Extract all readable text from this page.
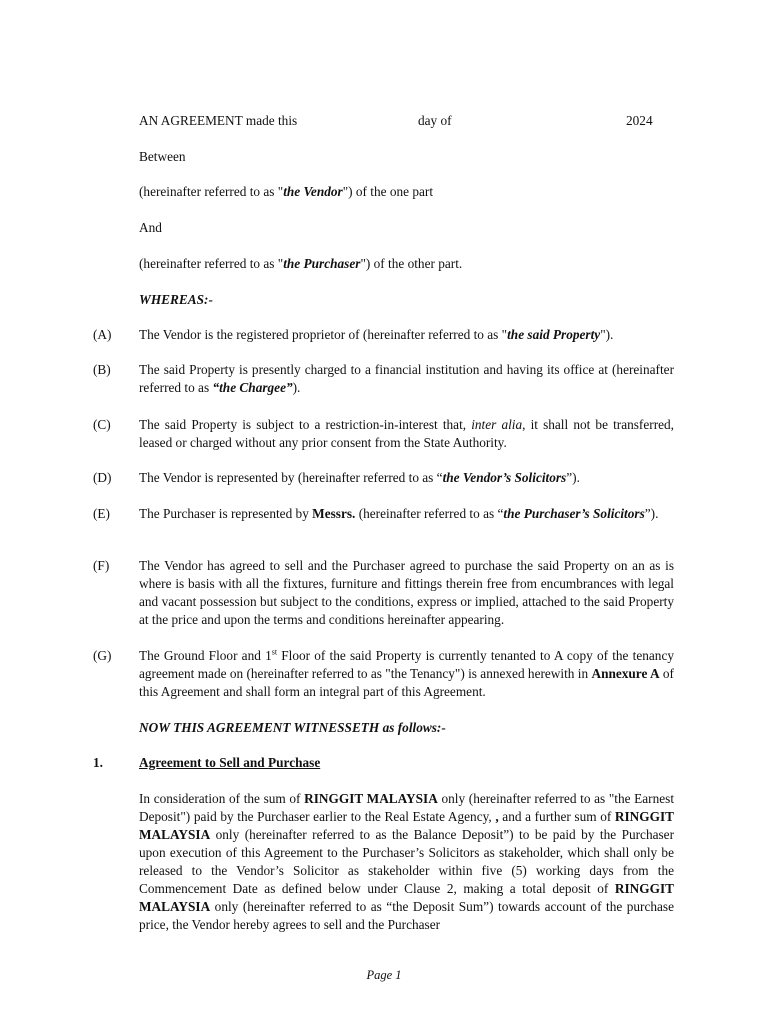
AN AGREEMENT made this	day of	2024
Between
(hereinafter referred to as "the Vendor") of the one part
And
(hereinafter referred to as "the Purchaser") of the other part.
WHEREAS:-
(A) The Vendor is the registered proprietor of (hereinafter referred to as "the said Property").
(B) The said Property is presently charged to a financial institution and having its office at (hereinafter referred to as “the Chargee”).
(C) The said Property is subject to a restriction-in-interest that, inter alia, it shall not be transferred, leased or charged without any prior consent from the State Authority.
(D) The Vendor is represented by (hereinafter referred to as “the Vendor’s Solicitors”).
(E) The Purchaser is represented by Messrs. (hereinafter referred to as “the Purchaser’s Solicitors”).
(F) The Vendor has agreed to sell and the Purchaser agreed to purchase the said Property on an as is where is basis with all the fixtures, furniture and fittings therein free from encumbrances with legal and vacant possession but subject to the conditions, express or implied, attached to the said Property at the price and upon the terms and conditions hereinafter appearing.
(G) The Ground Floor and 1st Floor of the said Property is currently tenanted to A copy of the tenancy agreement made on (hereinafter referred to as "the Tenancy") is annexed herewith in Annexure A of this Agreement and shall form an integral part of this Agreement.
NOW THIS AGREEMENT WITNESSETH as follows:-
1.	Agreement to Sell and Purchase
In consideration of the sum of RINGGIT MALAYSIA only (hereinafter referred to as "the Earnest Deposit") paid by the Purchaser earlier to the Real Estate Agency, , and a further sum of RINGGIT MALAYSIA only (hereinafter referred to as the Balance Deposit”) to be paid by the Purchaser upon execution of this Agreement to the Purchaser’s Solicitors as stakeholder, which shall only be released to the Vendor’s Solicitor as stakeholder within five (5) working days from the Commencement Date as defined below under Clause 2, making a total deposit of RINGGIT MALAYSIA only (hereinafter referred to as “the Deposit Sum”) towards account of the purchase price, the Vendor hereby agrees to sell and the Purchaser
Page 1
